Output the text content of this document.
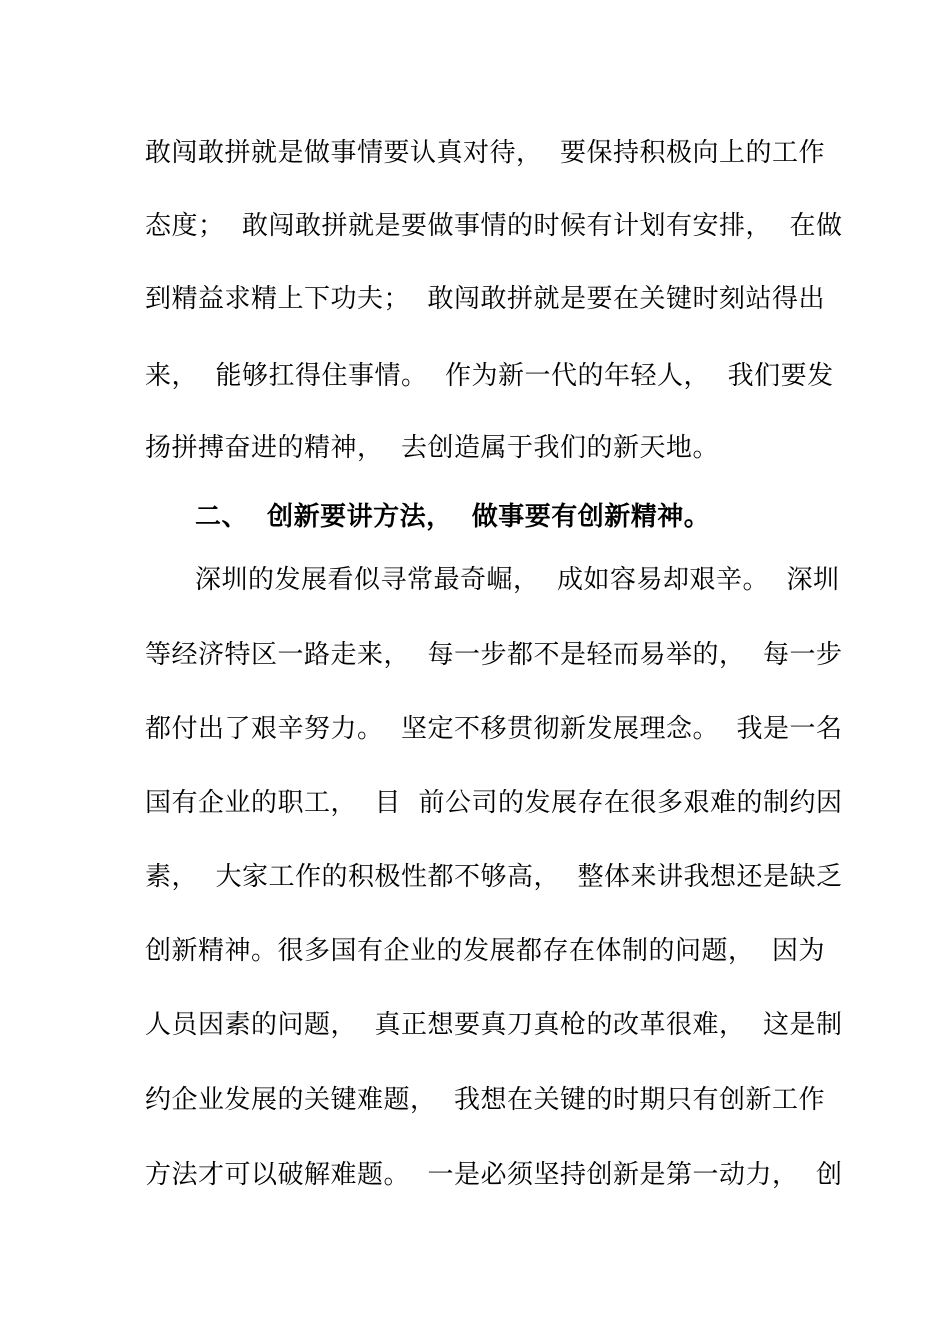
敢闯敢拼就是做事情要认真对待，  要保持积极向上的工作
态度；  敢闯敢拼就是要做事情的时候有计划有安排，  在做
到精益求精上下功夫；  敢闯敢拼就是要在关键时刻站得出
来，  能够扛得住事情。  作为新一代的年轻人，  我们要发
扬拼搏奋进的精神，  去创造属于我们的新天地。
二、  创新要讲方法，  做事要有创新精神。
深圳的发展看似寻常最奇崛，  成如容易却艰辛。  深圳
等经济特区一路走来，  每一步都不是轻而易举的，  每一步
都付出了艰辛努力。  坚定不移贯彻新发展理念。  我是一名
国有企业的职工，  目  前公司的发展存在很多艰难的制约因
素，  大家工作的积极性都不够高，  整体来讲我想还是缺乏
创新精神。很多国有企业的发展都存在体制的问题，  因为
人员因素的问题，  真正想要真刀真枪的改革很难，  这是制
约企业发展的关键难题，  我想在关键的时期只有创新工作
方法才可以破解难题。  一是必须坚持创新是第一动力，  创
